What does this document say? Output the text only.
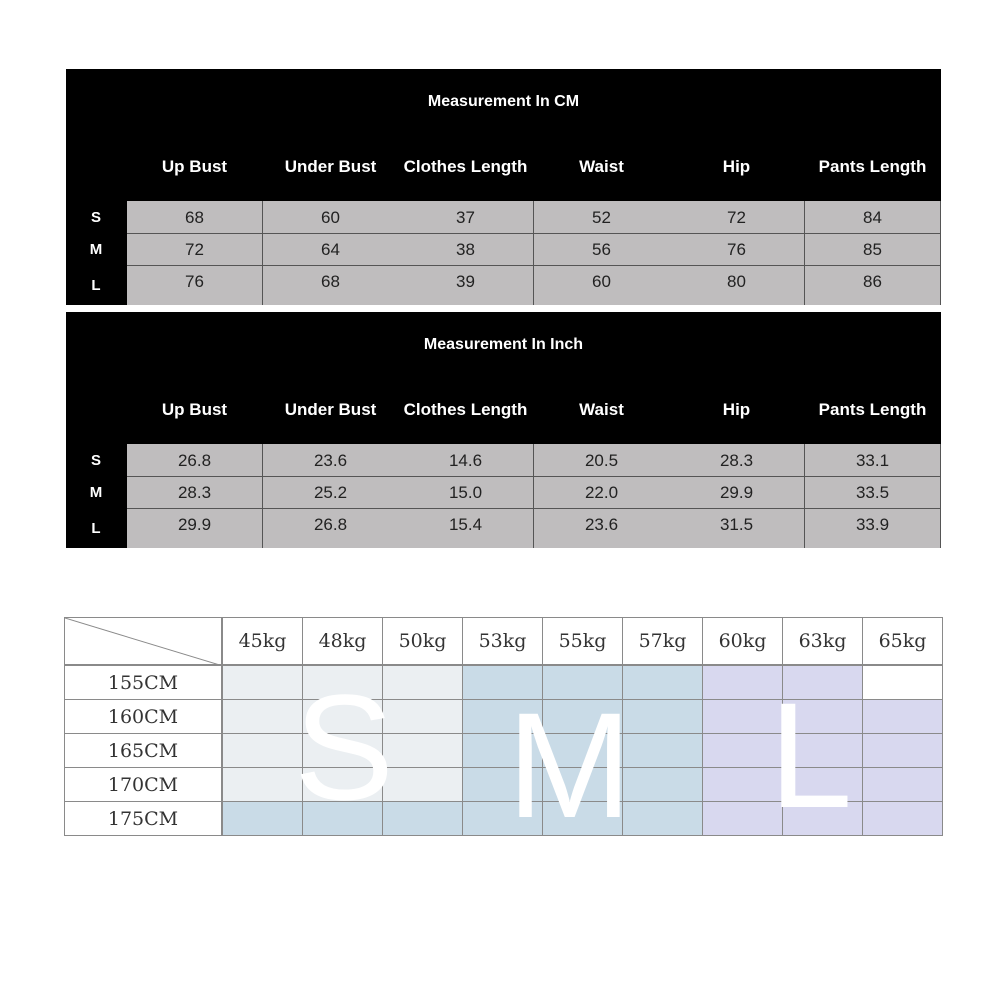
Measurement In CM
Up Bust	Under Bust	Clothes Length	Waist	Hip	Pants Length
S	68	60	37	52	72	84
M	72	64	38	56	76	85
L	76	68	39	60	80	86
Measurement In Inch
Up Bust	Under Bust	Clothes Length	Waist	Hip	Pants Length
S	26.8	23.6	14.6	20.5	28.3	33.1
M	28.3	25.2	15.0	22.0	29.9	33.5
L	29.9	26.8	15.4	23.6	31.5	33.9
45kg	48kg	50kg	53kg	55kg	57kg	60kg	63kg	65kg
155CM
160CM
165CM
170CM
175CM S M L
